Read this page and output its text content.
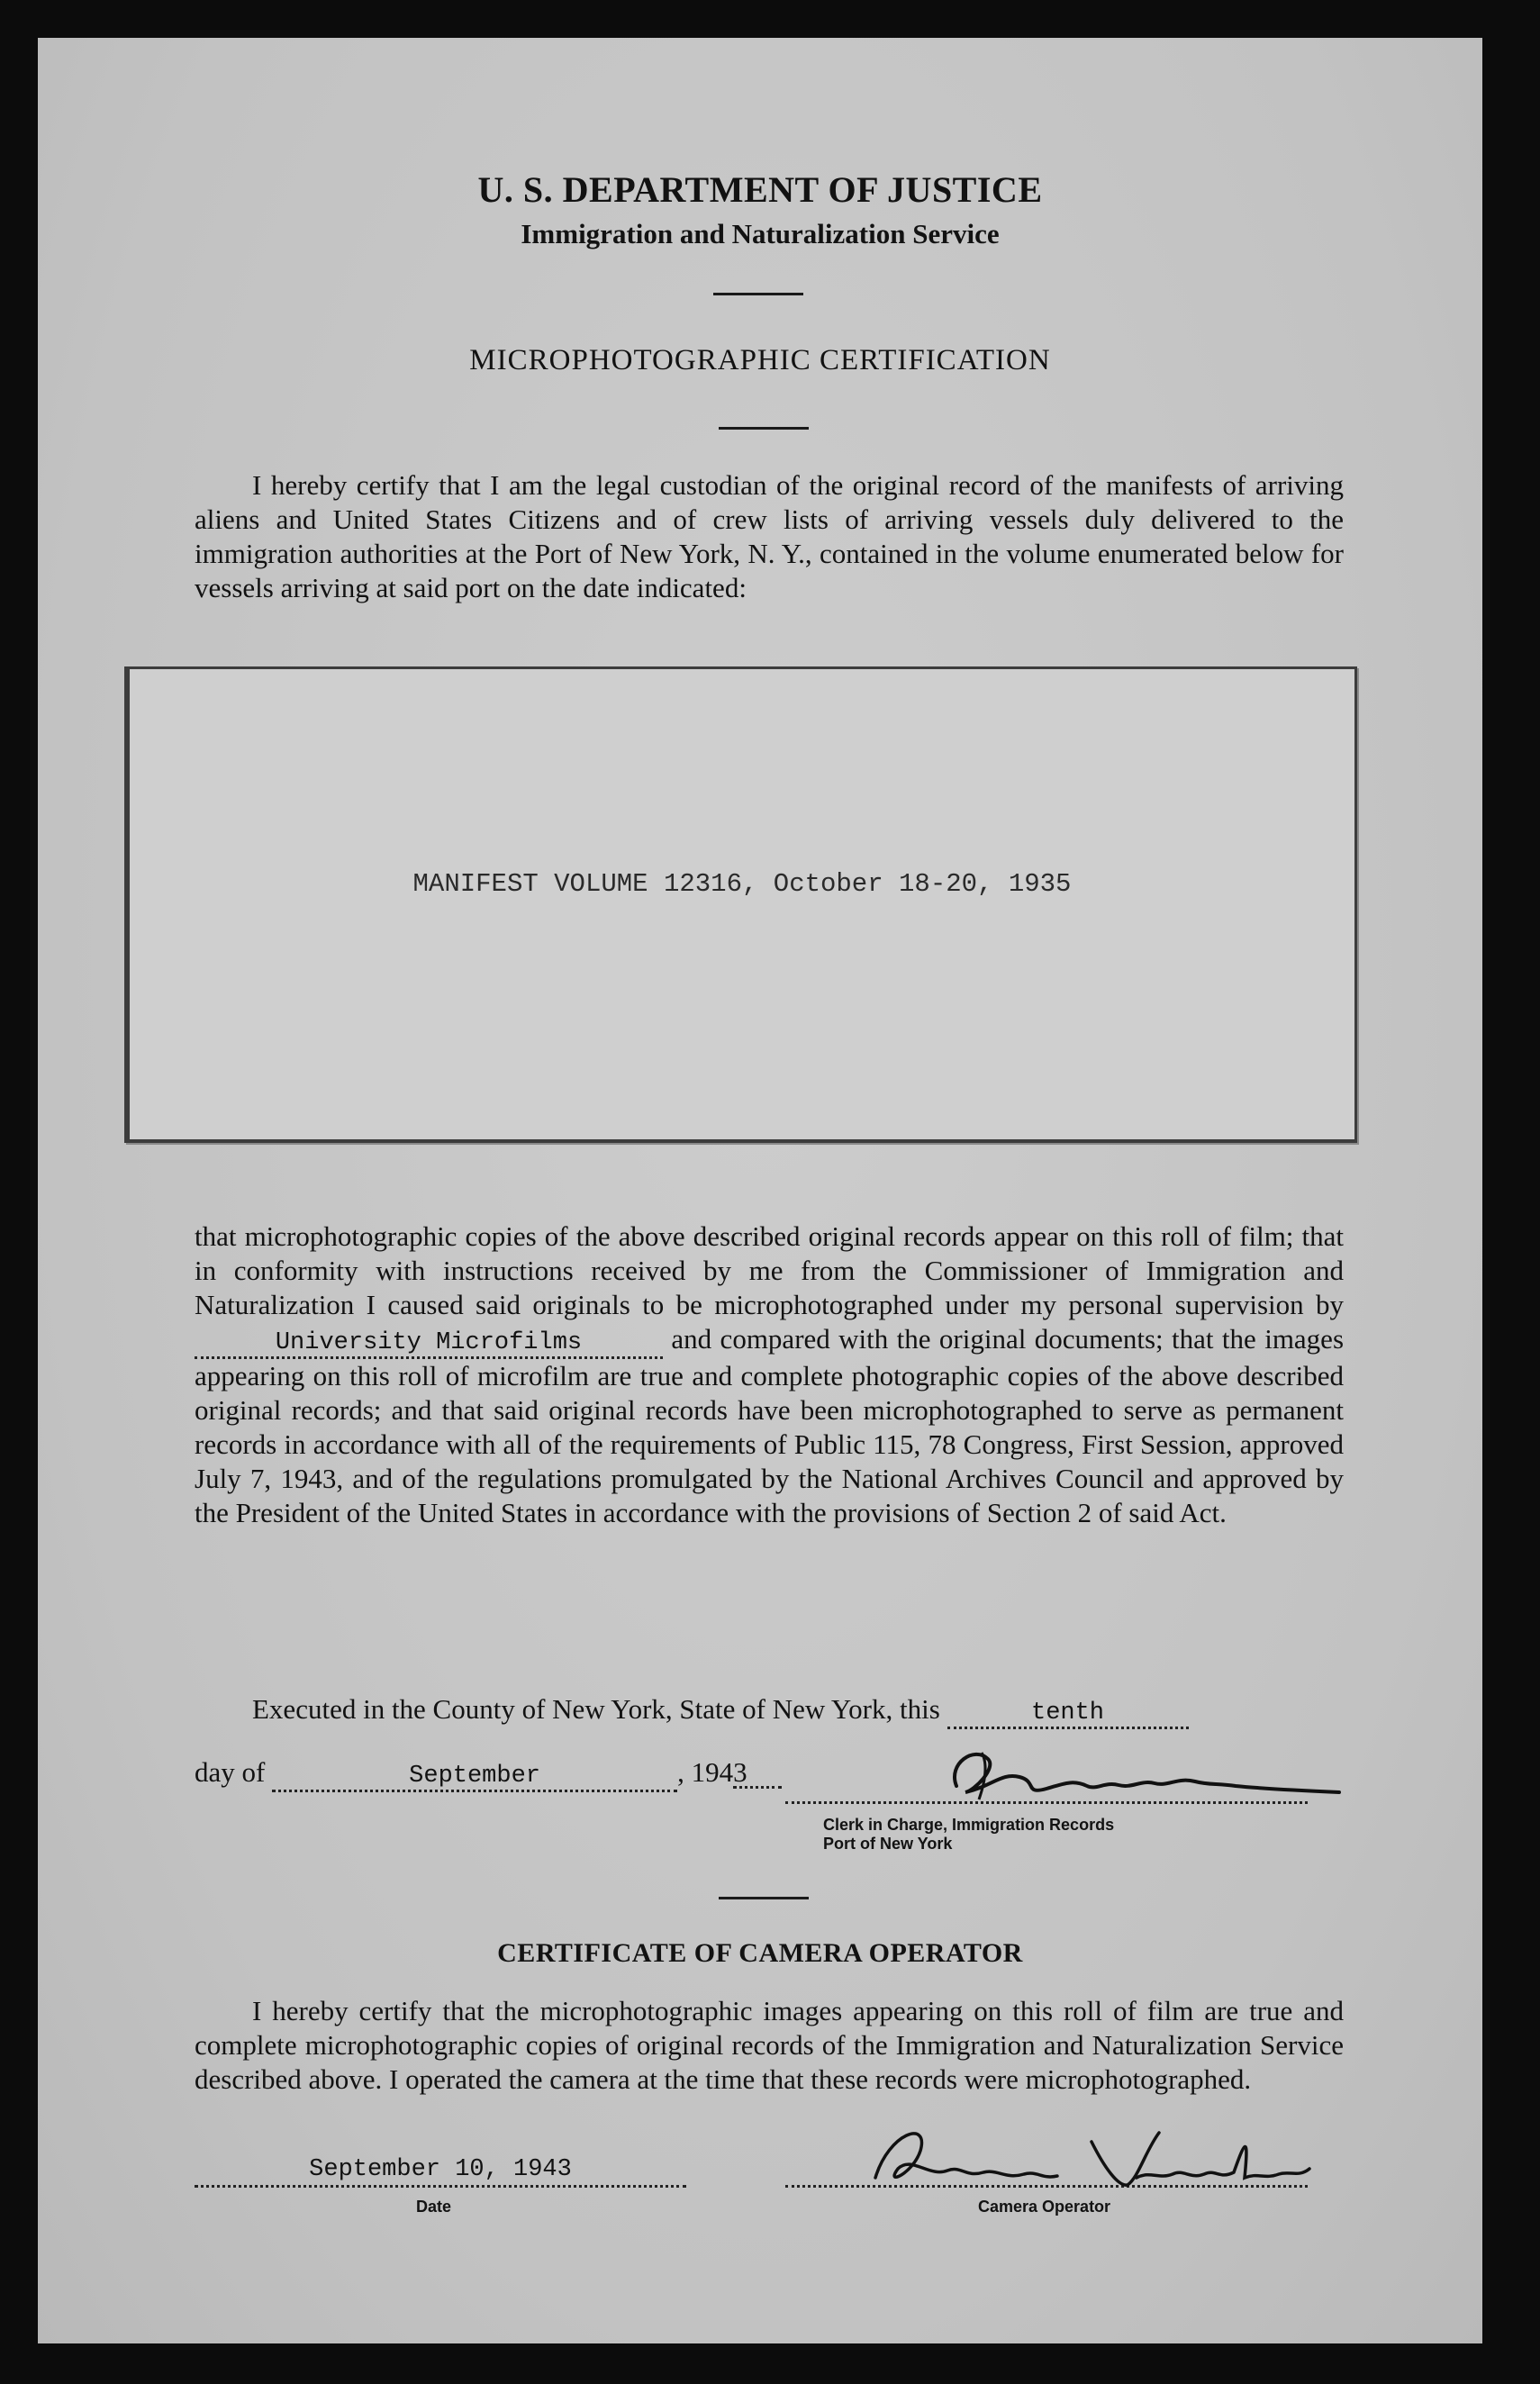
U. S. DEPARTMENT OF JUSTICE
Immigration and Naturalization Service
MICROPHOTOGRAPHIC CERTIFICATION
I hereby certify that I am the legal custodian of the original record of the manifests of arriving aliens and United States Citizens and of crew lists of arriving vessels duly delivered to the immigration authorities at the Port of New York, N. Y., contained in the volume enumerated below for vessels arriving at said port on the date indicated:
MANIFEST VOLUME 12316, October 18-20, 1935
that microphotographic copies of the above described original records appear on this roll of film; that in conformity with instructions received by me from the Commissioner of Immigration and Naturalization I caused said originals to be microphotographed under my personal supervision by University Microfilms	and compared with the original documents; that the images appearing on this roll of microfilm are true and complete photographic copies of the above described original records; and that said original records have been microphotographed to serve as permanent records in accordance with all of the requirements of Public 115, 78 Congress, First Session, approved July 7, 1943, and of the regulations promulgated by the National Archives Council and approved by the President of the United States in accordance with the provisions of Section 2 of said Act.
Executed in the County of New York, State of New York, this	tenth
day of	September	, 1943
Clerk in Charge, Immigration Records
Port of New York
CERTIFICATE OF CAMERA OPERATOR
I hereby certify that the microphotographic images appearing on this roll of film are true and complete microphotographic copies of original records of the Immigration and Naturalization Service described above. I operated the camera at the time that these records were microphotographed.
September 10, 1943
Date	Camera Operator
